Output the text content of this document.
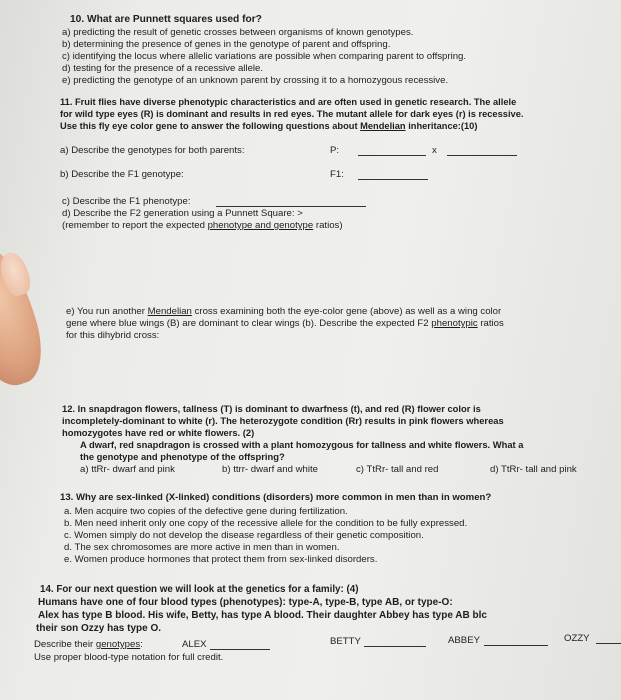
10. What are Punnett squares used for?
a) predicting the result of genetic crosses between organisms of known genotypes.
b) determining the presence of genes in the genotype of parent and offspring.
c) identifying the locus where allelic variations are possible when comparing parent to offspring.
d) testing for the presence of a recessive allele.
e) predicting the genotype of an unknown parent by crossing it to a homozygous recessive.
11. Fruit flies have diverse phenotypic characteristics and are often used in genetic research. The allele
for wild type eyes (R) is dominant and results in red eyes. The mutant allele for dark eyes (r) is recessive.
Use this fly eye color gene to answer the following questions about Mendelian inheritance:(10)
a) Describe the genotypes for both parents:	P:	x
b) Describe the F1 genotype:	F1:
c) Describe the F1 phenotype:
d) Describe the F2 generation using a Punnett Square: >
(remember to report the expected phenotype and genotype ratios)
e) You run another Mendelian cross examining both the eye-color gene (above) as well as a wing color
gene where blue wings (B) are dominant to clear wings (b). Describe the expected F2 phenotypic ratios
for this dihybrid cross:
12. In snapdragon flowers, tallness (T) is dominant to dwarfness (t), and red (R) flower color is
incompletely-dominant to white (r). The heterozygote condition (Rr) results in pink flowers whereas
homozygotes have red or white flowers. (2)
A dwarf, red snapdragon is crossed with a plant homozygous for tallness and white flowers. What a
the genotype and phenotype of the offspring?
a) ttRr- dwarf and pink	b) ttrr- dwarf and white	c) TtRr- tall and red	d) TtRr- tall and pink
13. Why are sex-linked (X-linked) conditions (disorders) more common in men than in women?
a. Men acquire two copies of the defective gene during fertilization.
b. Men need inherit only one copy of the recessive allele for the condition to be fully expressed.
c. Women simply do not develop the disease regardless of their genetic composition.
d. The sex chromosomes are more active in men than in women.
e. Women produce hormones that protect them from sex-linked disorders.
14. For our next question we will look at the genetics for a family: (4)
Humans have one of four blood types (phenotypes): type-A, type-B, type AB, or type-O:
Alex has type B blood. His wife, Betty, has type A blood. Their daughter Abbey has type AB blc
their son Ozzy has type O.
Describe their genotypes:	ALEX	BETTY	ABBEY	OZZY
Use proper blood-type notation for full credit.
